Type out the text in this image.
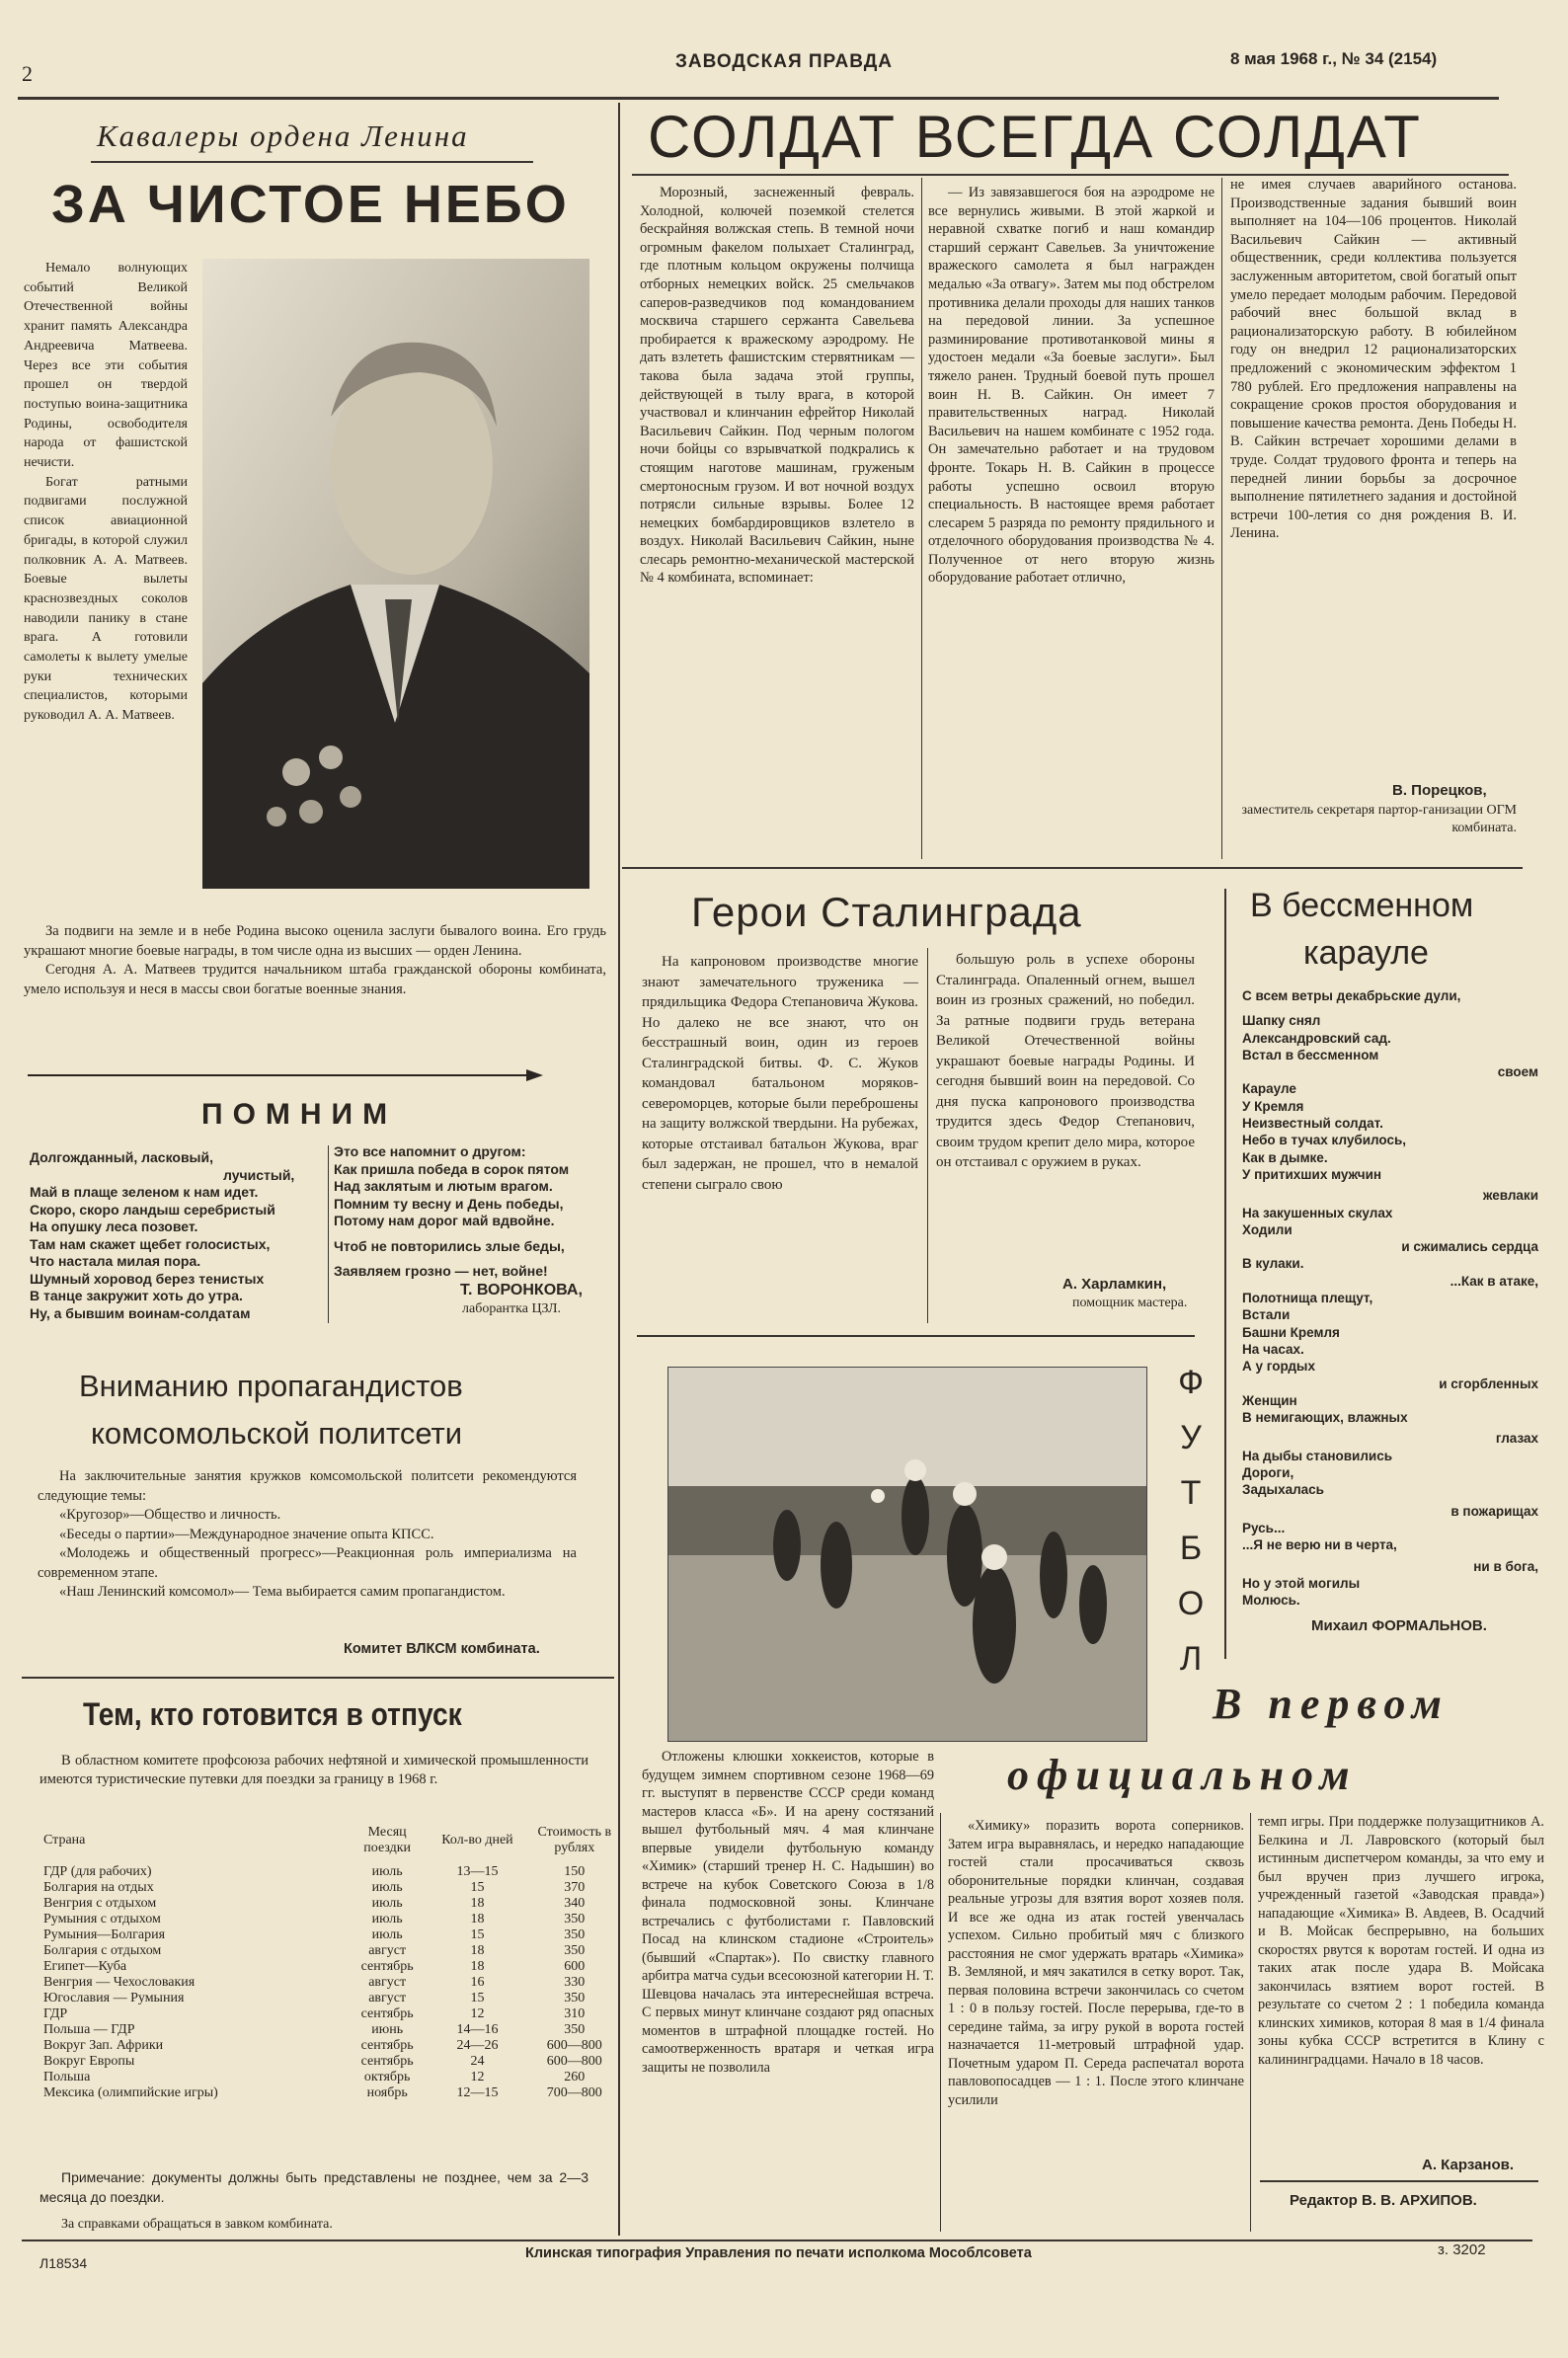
2	ЗАВОДСКАЯ ПРАВДА	8 мая 1968 г., № 34 (2154)
Кавалеры ордена Ленина
ЗА ЧИСТОЕ НЕБО

Немало волнующих событий Великой Отечественной войны хранит память Александра Андреевича Матвеева. Через все эти события прошел он твердой поступью воина-защитника Родины, освободителя народа от фашистской нечисти.

Богат ратными подвигами послужной список авиационной бригады, в которой служил полковник А. А. Матвеев. Боевые вылеты краснозвездных соколов наводили панику в стане врага. А готовили самолеты к вылету умелые руки технических специалистов, которыми руководил А. А. Матвеев.

За подвиги на земле и в небе Родина высоко оценила заслуги бывалого воина. Его грудь украшают многие боевые награды, в том числе одна из высших — орден Ленина.

Сегодня А. А. Матвеев трудится начальником штаба гражданской обороны комбината, умело используя и неся в массы свои богатые военные знания.

ПОМНИМ
Долгожданный, ласковый,
лучистый,
Май в плаще зеленом к нам идет.
Скоро, скоро ландыш серебристый
На опушку леса позовет.
Там нам скажет щебет голосистых,
Что настала милая пора.
Шумный хоровод берез тенистых
В танце закружит хоть до утра.
Ну, а бывшим воинам-солдатам
Это все напомнит о другом:
Как пришла победа в сорок пятом
Над заклятым и лютым врагом.
Помним ту весну и День победы,
Потому нам дорог май вдвойне.
Чтоб не повторились злые беды,
Заявляем грозно — нет, войне!
Т. ВОРОНКОВА,
лаборантка ЦЗЛ.
Вниманию пропагандистов
комсомольской политсети

На заключительные занятия кружков комсомольской политсети рекомендуются следующие темы:

«Кругозор»—Общество и личность.

«Беседы о партии»—Международное значение опыта КПСС.

«Молодежь и общественный прогресс»—Реакционная роль империализма на современном этапе.

«Наш Ленинский комсомол»— Тема выбирается самим пропагандистом.

Комитет ВЛКСМ комбината.
Тем, кто готовится в отпуск

В областном комитете профсоюза рабочих нефтяной и химической промышленности имеются туристические путевки для поездки за границу в 1968 г.

Страна	Месяц поездки	Кол-во дней	Стоимость в рублях
ГДР (для рабочих)	июль	13—15	150
Болгария на отдых	июль	15	370
Венгрия с отдыхом	июль	18	340
Румыния с отдыхом	июль	18	350
Румыния—Болгария	июль	15	350
Болгария с отдыхом	август	18	350
Египет—Куба	сентябрь	18	600
Венгрия — Чехословакия	август	16	330
Югославия — Румыния	август	15	350
ГДР	сентябрь	12	310
Польша — ГДР	июнь	14—16	350
Вокруг Зап. Африки	сентябрь	24—26	600—800
Вокруг Европы	сентябрь	24	600—800
Польша	октябрь	12	260
Мексика (олимпийские игры)	ноябрь	12—15	700—800

Примечание: документы должны быть представлены не позднее, чем за 2—3 месяца до поездки.

За справками обращаться в завком комбината.

СОЛДАТ ВСЕГДА СОЛДАТ
Морозный, заснеженный февраль. Холодной, колючей поземкой стелется бескрайняя волжская степь. В темной ночи огромным факелом полыхает Сталинград, где плотным кольцом окружены полчища отборных немецких войск. 25 смельчаков саперов-разведчиков под командованием москвича старшего сержанта Савельева пробирается к вражескому аэродрому. Не дать взлететь фашистским стервятникам — такова была задача этой группы, действующей в тылу врага, в которой участвовал и клинчанин ефрейтор Николай Васильевич Сайкин. Под черным пологом ночи бойцы со взрывчаткой подкрались к стоящим наготове машинам, груженым смертоносным грузом. И вот ночной воздух потрясли сильные взрывы. Более 12 немецких бомбардировщиков взлетело в воздух. Николай Васильевич Сайкин, ныне слесарь ремонтно-механической мастерской № 4 комбината, вспоминает:
— Из завязавшегося боя на аэродроме не все вернулись живыми. В этой жаркой и неравной схватке погиб и наш командир старший сержант Савельев. За уничтожение вражеского самолета я был награжден медалью «За отвагу». Затем мы под обстрелом противника делали проходы для наших танков на передовой линии. За успешное разминирование противотанковой мины я удостоен медали «За боевые заслуги». Был тяжело ранен. Трудный боевой путь прошел воин Н. В. Сайкин. Он имеет 7 правительственных наград. Николай Васильевич на нашем комбинате с 1952 года. Он замечательно работает и на трудовом фронте. Токарь Н. В. Сайкин в процессе работы успешно освоил вторую специальность. В настоящее время работает слесарем 5 разряда по ремонту прядильного и отделочного оборудования производства № 4. Полученное от него вторую жизнь оборудование работает отлично,
не имея случаев аварийного останова. Производственные задания бывший воин выполняет на 104—106 процентов. Николай Васильевич Сайкин — активный общественник, среди коллектива пользуется заслуженным авторитетом, свой богатый опыт умело передает молодым рабочим. Передовой рабочий внес большой вклад в рационализаторскую работу. В юбилейном году он внедрил 12 рационализаторских предложений с экономическим эффектом 1 780 рублей. Его предложения направлены на сокращение сроков простоя оборудования и повышение качества ремонта. День Победы Н. В. Сайкин встречает хорошими делами в труде. Солдат трудового фронта и теперь на передней линии борьбы за досрочное выполнение пятилетнего задания и достойной встречи 100-летия со дня рождения В. И. Ленина.
В. Порецков,
заместитель секретаря партор-ганизации ОГМ комбината.
Герои Сталинграда
На капроновом производстве многие знают замечательного труженика — прядильщика Федора Степановича Жукова. Но далеко не все знают, что он бесстрашный воин, один из героев Сталинградской битвы. Ф. С. Жуков командовал батальоном моряков-североморцев, которые были переброшены на защиту волжской твердыни. На рубежах, которые отстаивал батальон Жукова, враг был задержан, не прошел, что в немалой степени сыграло свою
большую роль в успехе обороны Сталинграда. Опаленный огнем, вышел воин из грозных сражений, но победил. За ратные подвиги грудь ветерана Великой Отечественной войны украшают боевые награды Родины. И сегодня бывший воин на передовой. Со дня пуска капронового производства трудится здесь Федор Степанович, своим трудом крепит дело мира, которое он отстаивал с оружием в руках.
А. Харламкин,
помощник мастера.
В бессменном
карауле
С всем ветры декабрьские дули,
Шапку снял
Александровский сад.
Встал в бессменном
своем
Карауле
У Кремля
Неизвестный солдат.
Небо в тучах клубилось,
Как в дымке.
У притихших мужчин
жевлаки
На закушенных скулах
Ходили
и сжимались сердца
В кулаки.
...Как в атаке,
Полотнища плещут,
Встали
Башни Кремля
На часах.
А у гордых
и сгорбленных
Женщин
В немигающих, влажных
глазах
На дыбы становились
Дороги,
Задыхалась
в пожарищах
Русь...
...Я не верю ни в черта,
ни в бога,
Но у этой могилы
Молюсь.
Михаил ФОРМАЛЬНОВ.
Ф
У
Т
Б
О
Л
В первом
официальном
Отложены клюшки хоккеистов, которые в будущем зимнем спортивном сезоне 1968—69 гг. выступят в первенстве СССР среди команд мастеров класса «Б». И на арену состязаний вышел футбольный мяч. 4 мая клинчане впервые увидели футбольную команду «Химик» (старший тренер Н. С. Надышин) во встрече на кубок Советского Союза в 1/8 финала подмосковной зоны. Клинчане встречались с футболистами г. Павловский Посад на клинском стадионе «Строитель» (бывший «Спартак»). По свистку главного арбитра матча судьи всесоюзной категории Н. Т. Шевцова началась эта интереснейшая встреча. С первых минут клинчане создают ряд опасных моментов в штрафной площадке гостей. Но самоотверженность вратаря и четкая игра защиты не позволила
«Химику» поразить ворота соперников. Затем игра выравнялась, и нередко нападающие гостей стали просачиваться сквозь оборонительные порядки клинчан, создавая реальные угрозы для взятия ворот хозяев поля. И все же одна из атак гостей увенчалась успехом. Сильно пробитый мяч с близкого расстояния не смог удержать вратарь «Химика» В. Земляной, и мяч закатился в сетку ворот. Так, первая половина встречи закончилась со счетом 1 : 0 в пользу гостей. После перерыва, где-то в середине тайма, за игру рукой в ворота гостей назначается 11-метровый штрафной удар. Почетным ударом П. Середа распечатал ворота павловопосадцев — 1 : 1. После этого клинчане усилили
темп игры. При поддержке полузащитников А. Белкина и Л. Лавровского (который был истинным диспетчером команды, за что ему и был вручен приз лучшего игрока, учрежденный газетой «Заводская правда») нападающие «Химика» В. Авдеев, В. Осадчий и В. Мойсак беспрерывно, на больших скоростях рвутся к воротам гостей. И одна из таких атак после удара В. Мойсака закончилась взятием ворот гостей. В результате со счетом 2 : 1 победила команда клинских химиков, которая 8 мая в 1/4 финала зоны кубка СССР встретится в Клину с калининградцами. Начало в 18 часов.
А. Карзанов.
Редактор В. В. АРХИПОВ.
Л18534
Клинская типография Управления по печати исполкома Мособлсовета	з. 3202
